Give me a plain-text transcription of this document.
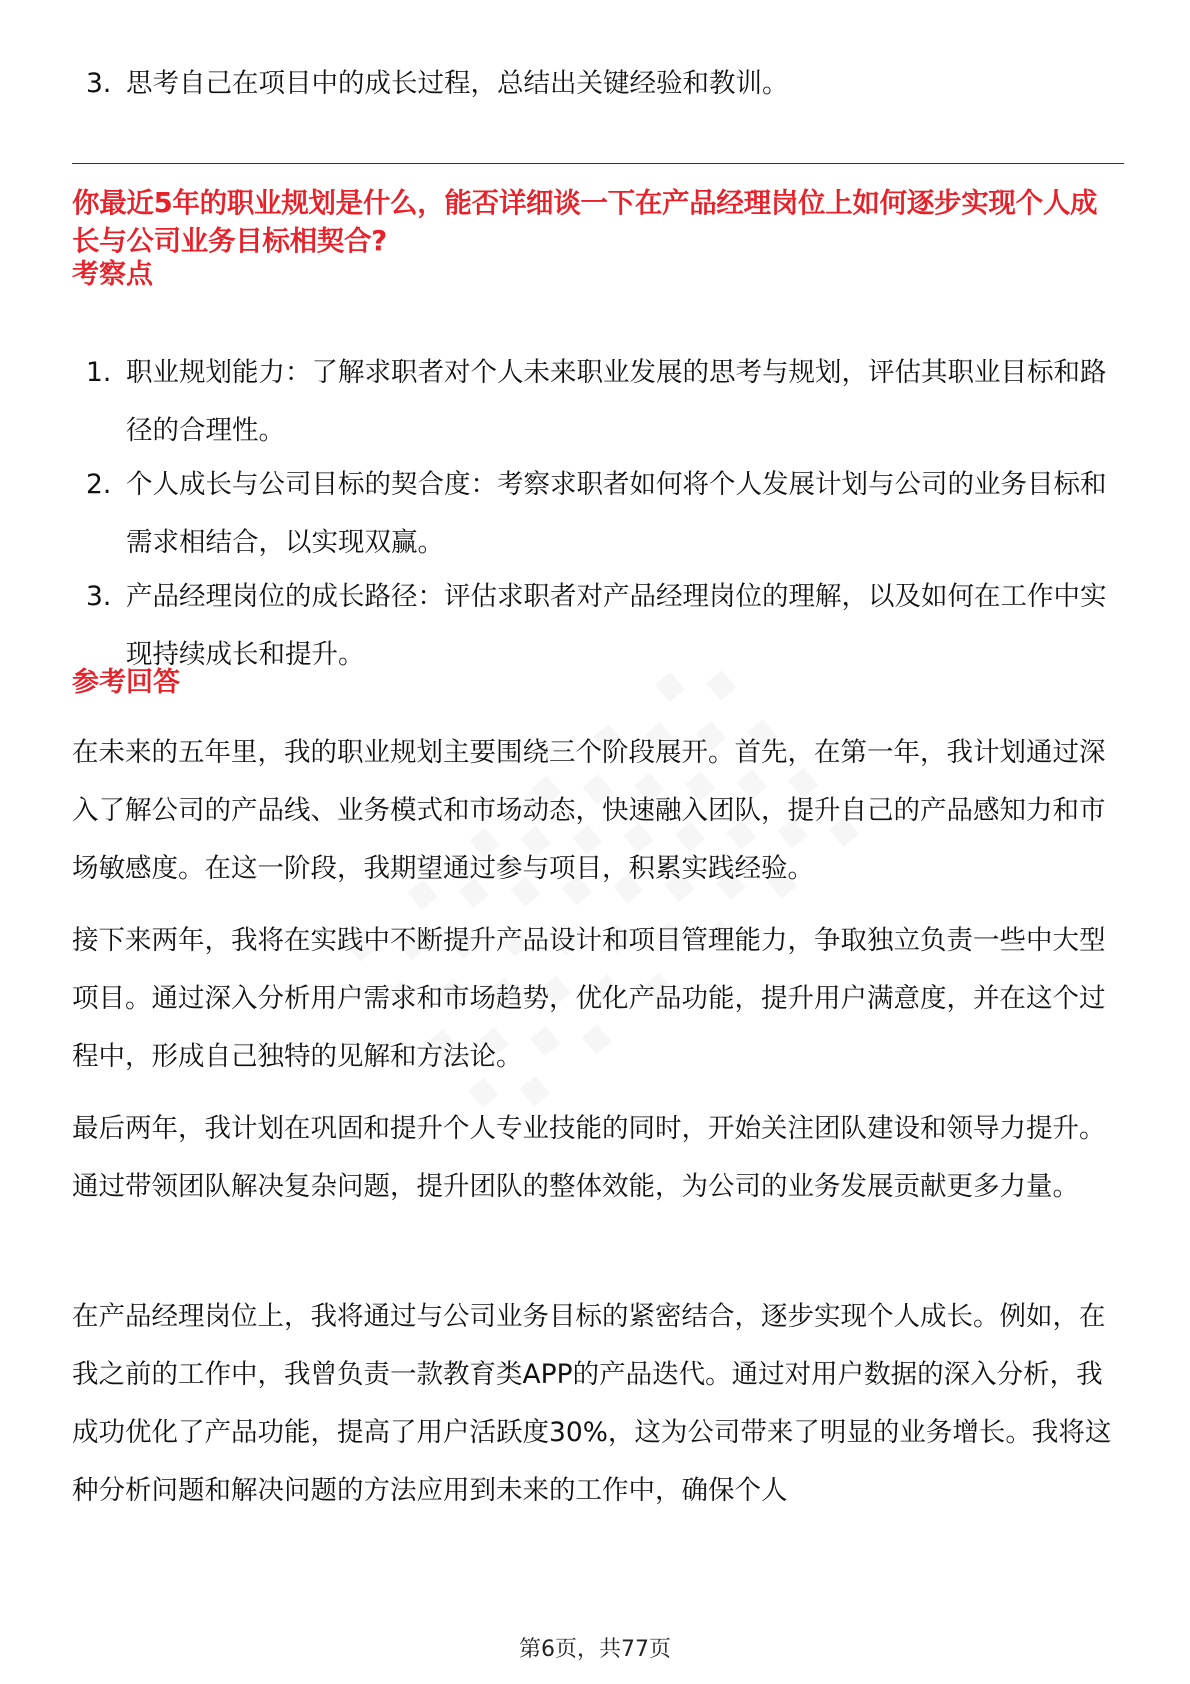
3. 思考自己在项目中的成长过程，总结出关键经验和教训。
你最近5年的职业规划是什么，能否详细谈一下在产品经理岗位上如何逐步实现个人成长与公司业务目标相契合?
考察点
1. 职业规划能力：了解求职者对个人未来职业发展的思考与规划，评估其职业目标和路径的合理性。
2. 个人成长与公司目标的契合度：考察求职者如何将个人发展计划与公司的业务目标和需求相结合，以实现双赢。
3. 产品经理岗位的成长路径：评估求职者对产品经理岗位的理解，以及如何在工作中实现持续成长和提升。
参考回答

在未来的五年里，我的职业规划主要围绕三个阶段展开。首先，在第一年，我计划通过深入了解公司的产品线、业务模式和市场动态，快速融入团队，提升自己的产品感知力和市场敏感度。在这一阶段，我期望通过参与项目，积累实践经验。

接下来两年，我将在实践中不断提升产品设计和项目管理能力，争取独立负责一些中大型项目。通过深入分析用户需求和市场趋势，优化产品功能，提升用户满意度，并在这个过程中，形成自己独特的见解和方法论。

最后两年，我计划在巩固和提升个人专业技能的同时，开始关注团队建设和领导力提升。通过带领团队解决复杂问题，提升团队的整体效能，为公司的业务发展贡献更多力量。

在产品经理岗位上，我将通过与公司业务目标的紧密结合，逐步实现个人成长。例如，在我之前的工作中，我曾负责一款教育类APP的产品迭代。通过对用户数据的深入分析，我成功优化了产品功能，提高了用户活跃度30%，这为公司带来了明显的业务增长。我将这种分析问题和解决问题的方法应用到未来的工作中，确保个人

第6页，共77页
